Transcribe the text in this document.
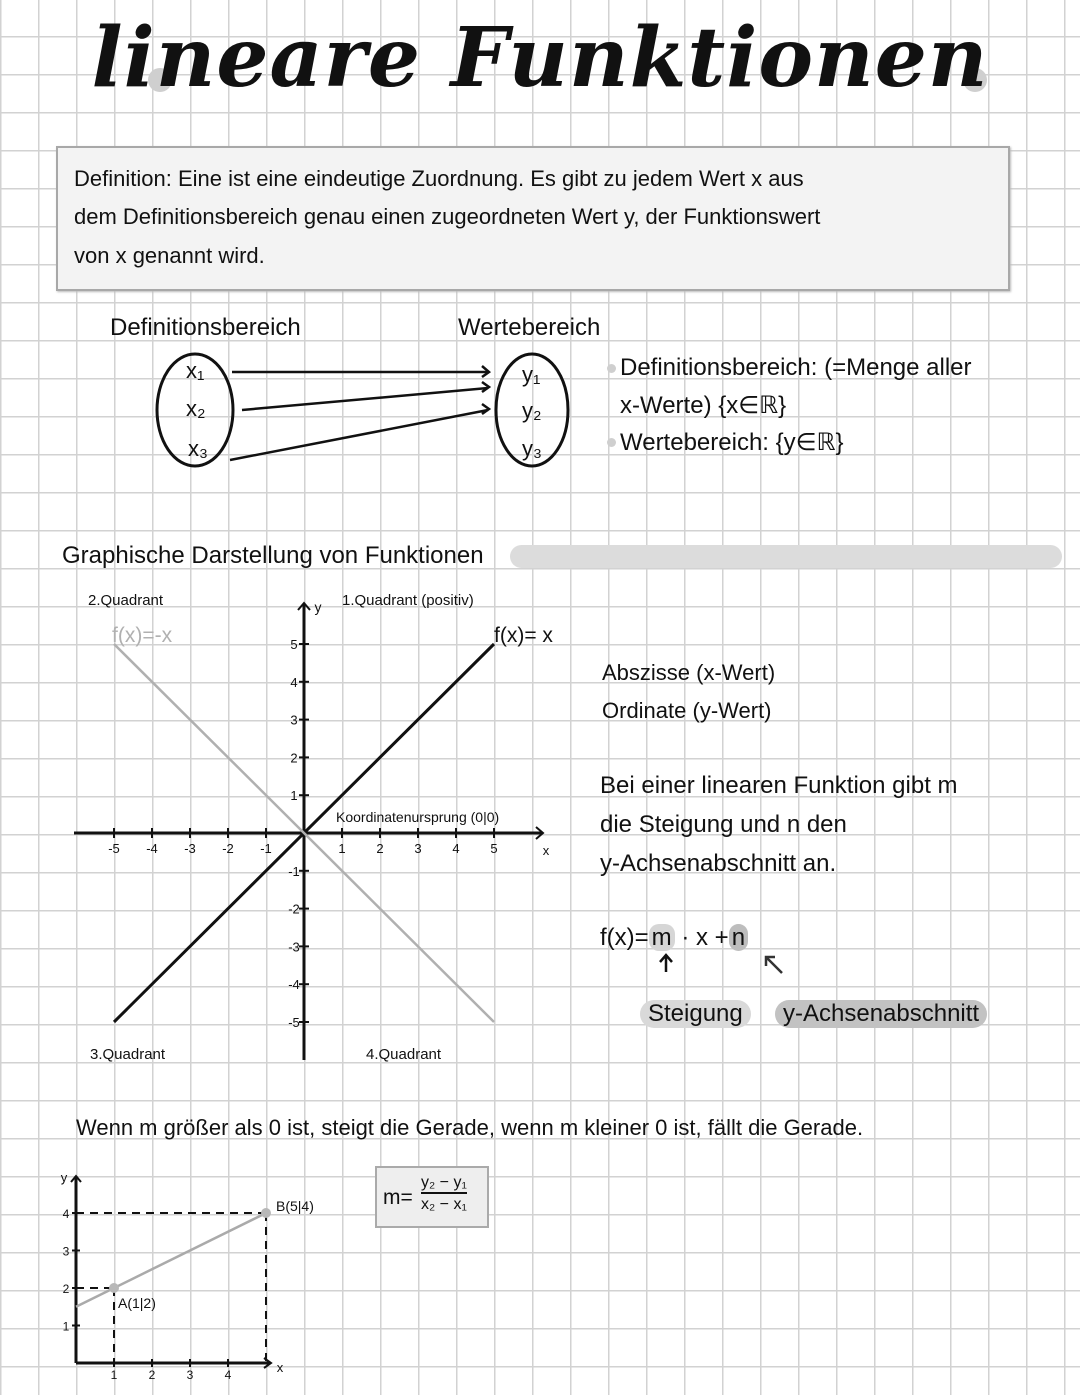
lineare Funktionen
Definition: Eine ist eine eindeutige Zuordnung. Es gibt zu jedem Wert x aus
dem Definitionsbereich genau einen zugeordneten Wert y, der Funktionswert
von x genannt wird.
Definitionsbereich	Wertebereich
x₁
x₂
x₃
y₁
y₂
y₃
Definitionsbereich: (=Menge aller
x-Werte) {x∈ℝ}
Wertebereich: {y∈ℝ}
Graphische Darstellung von Funktionen
x
y
-5 -4 -3 -2 -1	1 2 3 4 5
5
4
3
2
1
-1
-2
-3
-4
-5
x
y
1	2	3	4
4
3
2
1
A(1|2)
B(5|4)
2.Quadrant	1.Quadrant (positiv)
3.Quadrant	4.Quadrant
Koordinatenursprung (0|0)
f(x)= x
f(x)=-x
Abszisse (x-Wert)
Ordinate (y-Wert)
Bei einer linearen Funktion gibt m
die Steigung und n den
y-Achsenabschnitt an.
f(x)= m · x + n
Steigung	y-Achsenabschnitt
Wenn m größer als 0 ist, steigt die Gerade, wenn m kleiner 0 ist, fällt die Gerade.
m=
y₂ − y₁
x₂ − x₁
